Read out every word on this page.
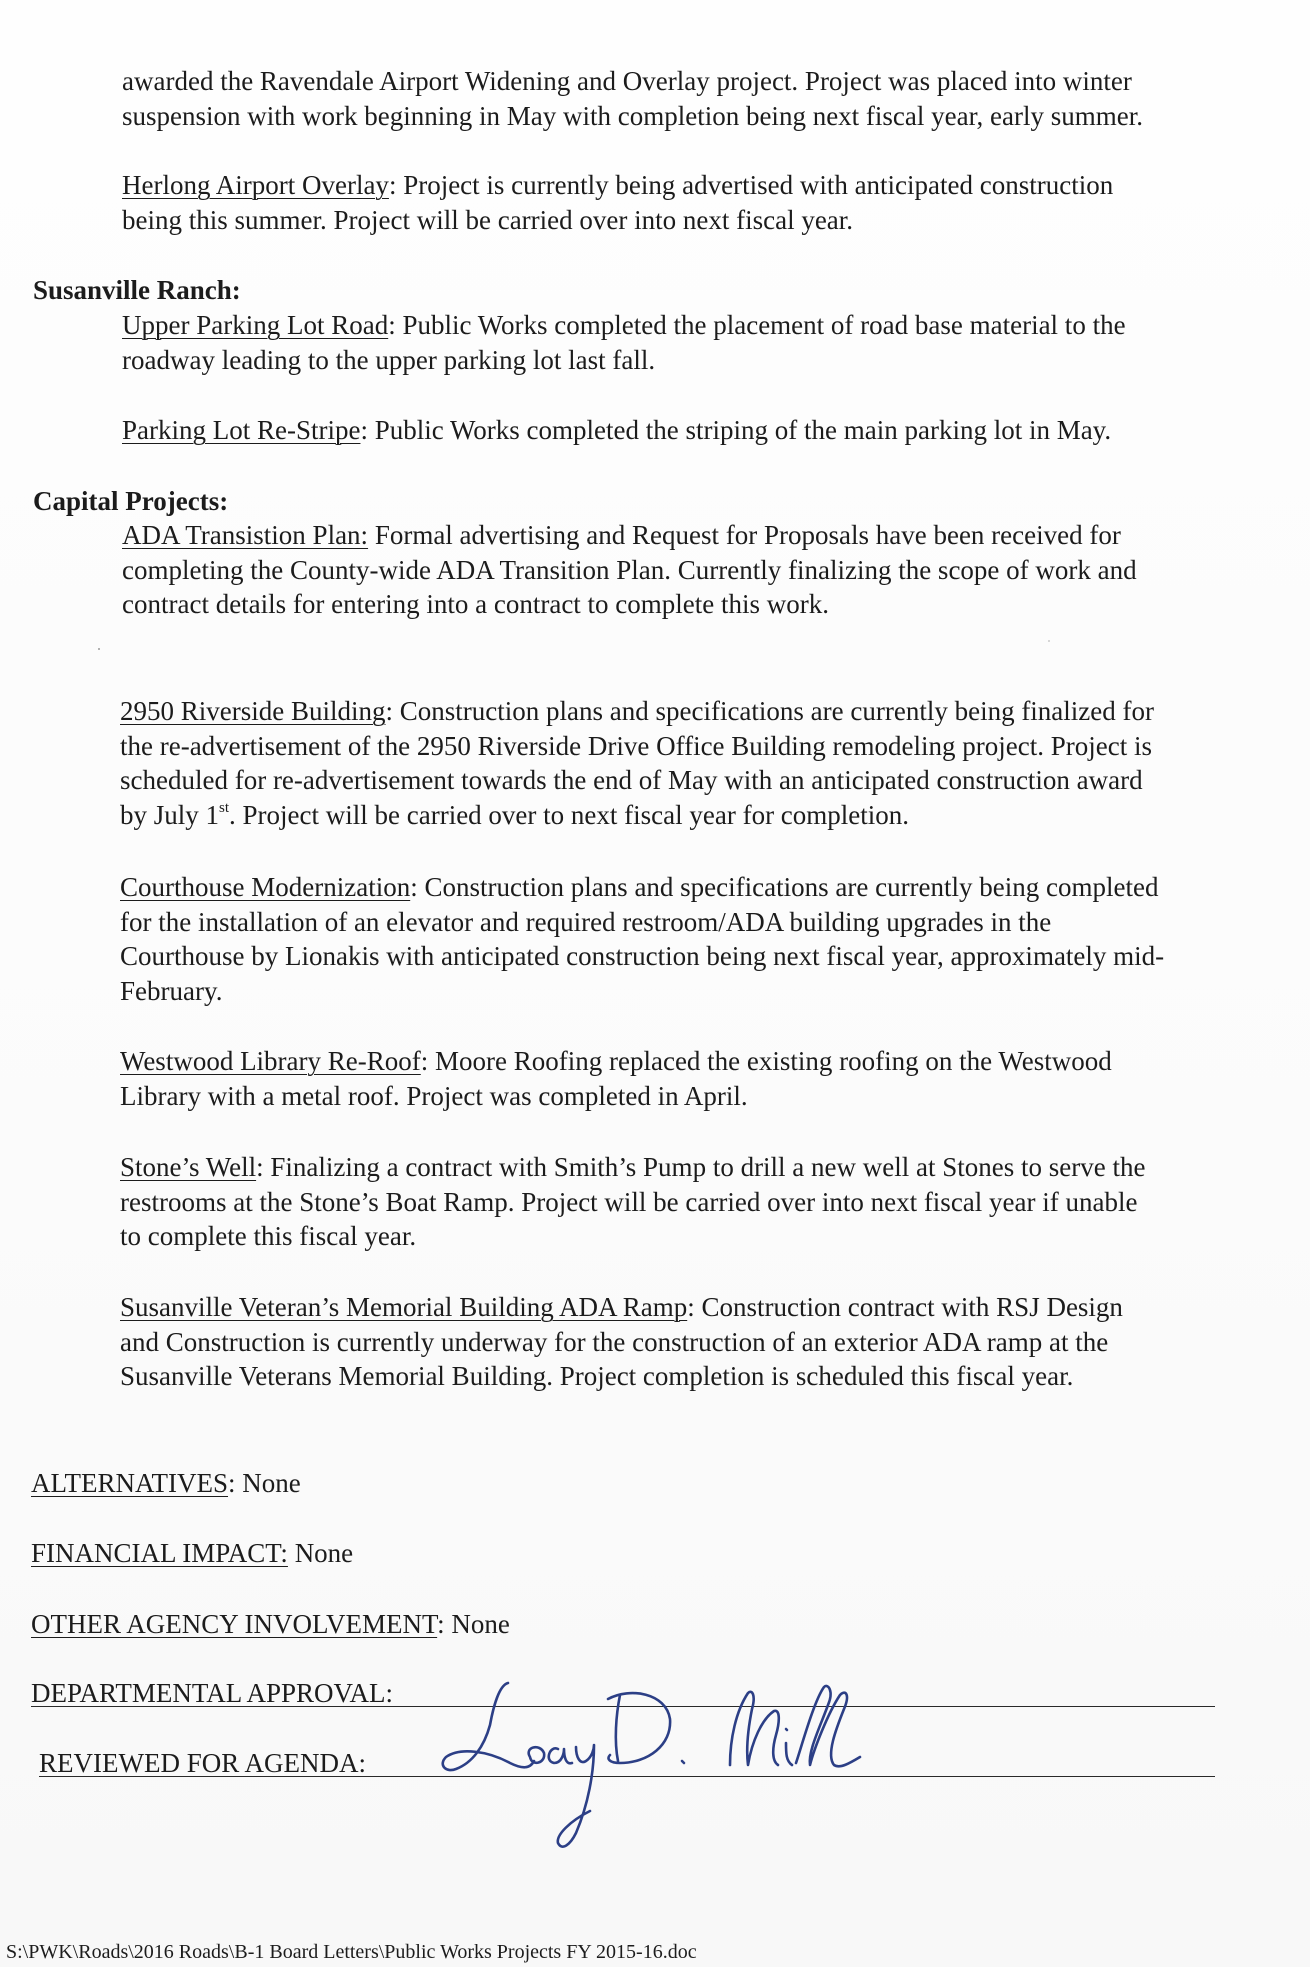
awarded the Ravendale Airport Widening and Overlay project. Project was placed into winter

suspension with work beginning in May with completion being next fiscal year, early summer.

Herlong Airport Overlay: Project is currently being advertised with anticipated construction

being this summer. Project will be carried over into next fiscal year.

Susanville Ranch:

Upper Parking Lot Road: Public Works completed the placement of road base material to the

roadway leading to the upper parking lot last fall.

Parking Lot Re-Stripe: Public Works completed the striping of the main parking lot in May.

Capital Projects:

ADA Transistion Plan: Formal advertising and Request for Proposals have been received for

completing the County-wide ADA Transition Plan. Currently finalizing the scope of work and

contract details for entering into a contract to complete this work.

2950 Riverside Building: Construction plans and specifications are currently being finalized for

the re-advertisement of the 2950 Riverside Drive Office Building remodeling project. Project is

scheduled for re-advertisement towards the end of May with an anticipated construction award

by July 1st. Project will be carried over to next fiscal year for completion.

Courthouse Modernization: Construction plans and specifications are currently being completed

for the installation of an elevator and required restroom/ADA building upgrades in the

Courthouse by Lionakis with anticipated construction being next fiscal year, approximately mid-

February.

Westwood Library Re-Roof: Moore Roofing replaced the existing roofing on the Westwood

Library with a metal roof. Project was completed in April.

Stone’s Well: Finalizing a contract with Smith’s Pump to drill a new well at Stones to serve the

restrooms at the Stone’s Boat Ramp. Project will be carried over into next fiscal year if unable

to complete this fiscal year.

Susanville Veteran’s Memorial Building ADA Ramp: Construction contract with RSJ Design

and Construction is currently underway for the construction of an exterior ADA ramp at the

Susanville Veterans Memorial Building. Project completion is scheduled this fiscal year.

ALTERNATIVES: None
FINANCIAL IMPACT: None
OTHER AGENCY INVOLVEMENT: None
DEPARTMENTAL APPROVAL:
REVIEWED FOR AGENDA:
S:\PWK\Roads\2016 Roads\B-1 Board Letters\Public Works Projects FY 2015-16.doc
